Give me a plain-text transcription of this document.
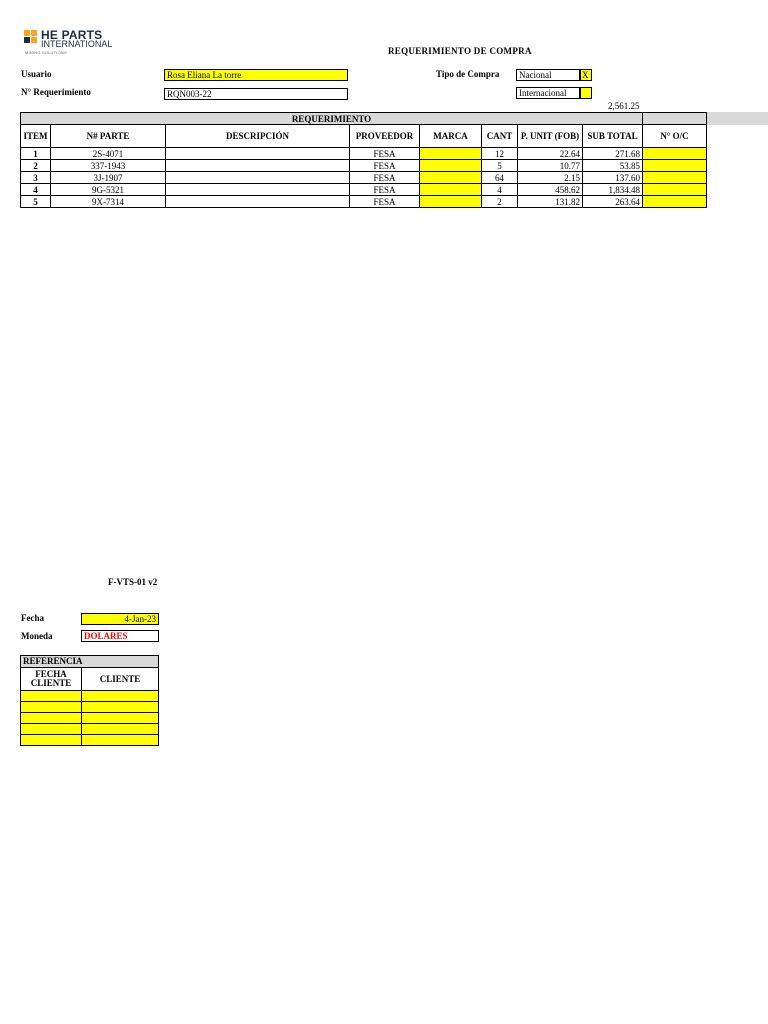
HE PARTS
INTERNATIONAL
MINING SOLUTIONS	REQUERIMIENTO DE COMPRA
Usuario	Rosa Eliana La torre
N° Requerimiento	RQN003-22
Tipo de Compra	Nacional	X
Internacional
2,561.25
REQUERIMIENTO								
ITEM	N# PARTE	DESCRIPCIÓN	PROVEEDOR	MARCA	CANT	P. UNIT (FOB)	SUB TOTAL	N° O/C
1	2S-4071		FESA		12	22.64	271.68	
2	337-1943		FESA		5	10.77	53.85	
3	3J-1907		FESA		64	2.15	137.60	
4	9G-5321		FESA		4	458.62	1,834.48	
5	9X-7314		FESA		2	131.82	263.64	
F-VTS-01 v2
Fecha	4-Jan-23
Moneda	DOLARES
REFERENCIA	
FECHA CLIENTE	CLIENTE
